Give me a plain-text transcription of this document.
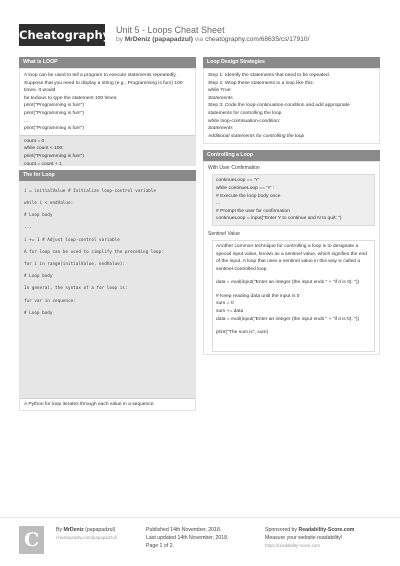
Cheatography Unit 5 - Loops Cheat Sheet
by MrDeniz (papapadzul) via cheatography.com/68635/cs/17910/
What is LOOP
A loop can be used to tell a program to execute statements repeatedly.
Suppose that you need to display a string (e.g., Programming is fun!) 100
times. It would
be tedious to type the statement 100 times:
print("Programming is fun!")
print("Programming is fun!")
...
print("Programming is fun!")
count = 0
while count < 100:
print("Programming is fun!")
count = count + 1
The for Loop
i = initialValue # Initialize loop-control variable
while i < endValue:
# Loop body
...
i += 1 # Adjust loop-control variable
A for loop can be used to simplify the preceding loop:
for i in range(initialValue, endValue):
# Loop body
In general, the syntax of a for loop is:
for var in sequence:
# Loop body
A Python for loop iterates through each value in a sequence.
Loop Design Strategies
Step 1: Identify the statements that need to be repeated.
Step 2: Wrap these statements in a loop like this:
while True:
Statements
Step 3: Code the loop-continuation-condition and add appropriate
statements for controlling the loop.
while loop-continuation-condition:
Statements
Additional statements for controlling the loop
Controlling a Loop
With User Confirmation
continueLoop == 'Y'
while continueLoop == 'Y' :
# Execute the loop body once
...
# Prompt the user for confirmation
continueLoop = input("Enter Y to continue and N to quit: ")
Sentinel Value
Another common technique for controlling a loop is to designate a
special input value, known as a sentinel value, which signifies the end
of the input. A loop that uses a sentinel value in this way is called a
sentinel-controlled loop.
data = eval(input("Enter an integer (the input ends " + "if it is 0): "))
# Keep reading data until the input is 0
sum = 0
sum += data
data = eval(input("Enter an integer (the input ends " + "if it is 0): "))
print("The sum is", sum)
C	By MrDeniz (papapadzul)
cheatography.com/papapadzul/
Published 14th November, 2018.
Last updated 14th November, 2018.
Page 1 of 2.
Sponsored by Readability-Score.com
Measure your website readability!
https://readability-score.com
